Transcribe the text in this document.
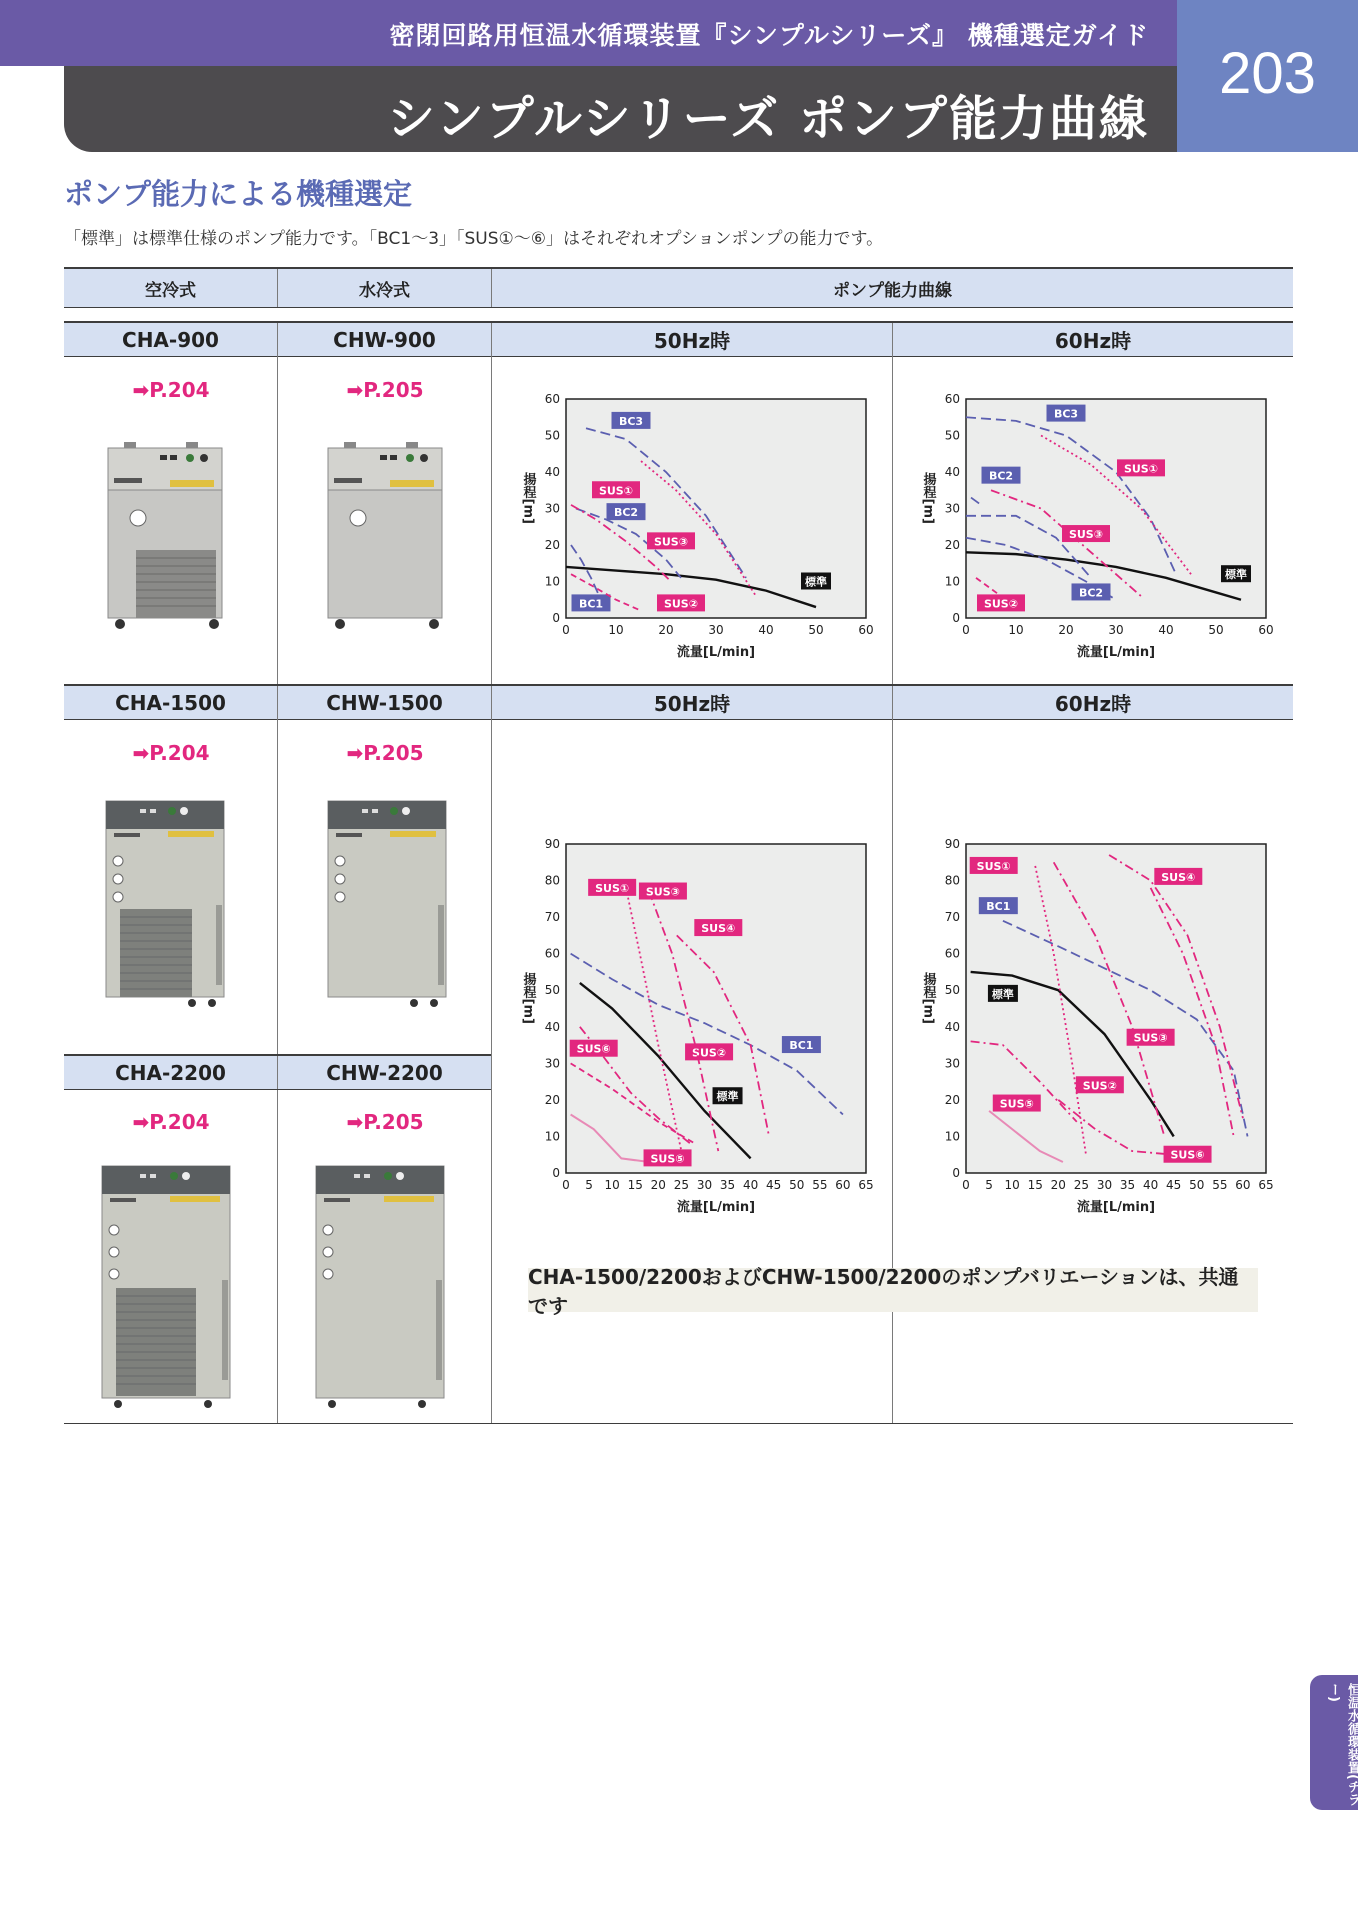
密閉回路用恒温水循環装置『シンプルシリーズ』 機種選定ガイド
シンプルシリーズ ポンプ能力曲線
203
ポンプ能力による機種選定
「標準」は標準仕様のポンプ能力です。「BC1～3」「SUS①～⑥」はそれぞれオプションポンプの能力です。
空冷式	水冷式	ポンプ能力曲線
CHA-900	CHW-900	50Hz時	60Hz時
CHA-1500	CHW-1500	50Hz時	60Hz時
CHA-2200	CHW-2200
➡P.204	➡P.205
➡P.204	➡P.205
➡P.204	➡P.205
0
10
20
30
40
50
60
0	10	20	30	40	50	60
流量[L/min]
揚程[m]
標準
BC1
BC2
BC3
SUS①
SUS②
SUS③
0
10
20
30
40
50
60
0	10	20	30	40	50	60
流量[L/min]
揚程[m]
標準
BC2
BC3
SUS①
SUS②
SUS③
BC2
0
10
20
30
40
50
60
70
80
90
0 5 10 15 20 25 30 35 40 45 50 55 60 65
流量[L/min]
揚程[m]
標準
BC1
SUS①
SUS②
SUS③
SUS④
SUS⑤
SUS⑥
0
10
20
30
40
50
60
70
80
90
0 5 10 15 20 25 30 35 40 45 50 55 60 65
流量[L/min]
揚程[m]	標準
BC1
SUS①
SUS②
SUS③
SUS④
SUS⑤
SUS⑥
CHA-1500/2200およびCHW-1500/2200のポンプバリエーションは、共通です
恒温水循環装置(チラー)
